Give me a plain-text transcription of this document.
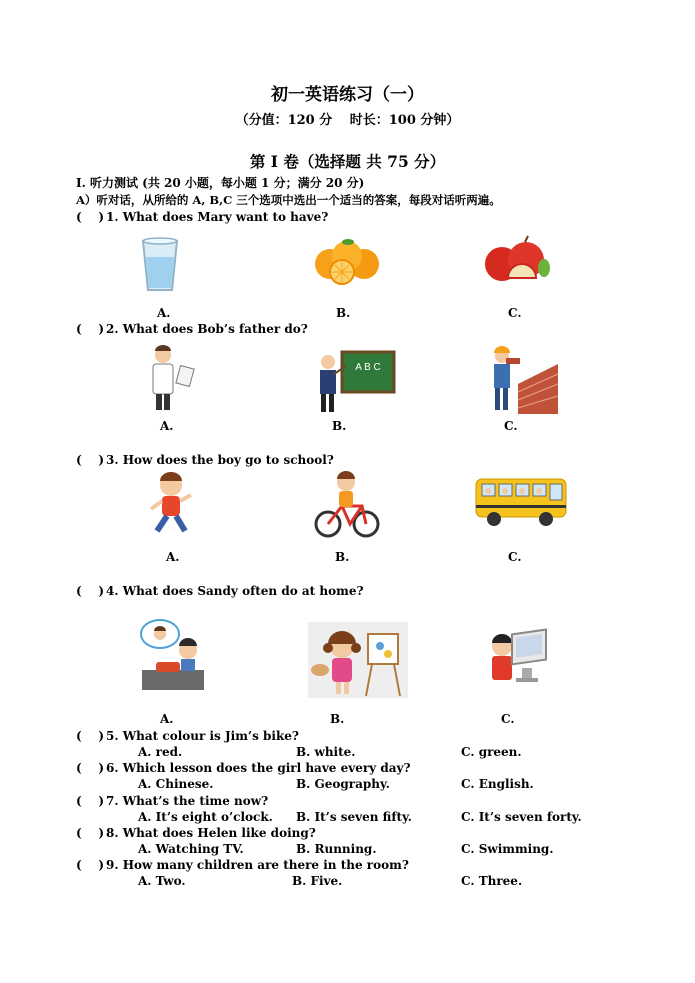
初一英语练习（一）
（分值：120 分　 时长：100 分钟）
第 I 卷（选择题 共 75 分）
I. 听力测试 (共 20 小题，每小题 1 分；满分 20 分)
A）听对话，从所给的 A, B,C 三个选项中选出一个适当的答案，每段对话听两遍。
( ) 1. What does Mary want to have?
A.	B.	C.
( ) 2. What does Bob’s father do?
A B C
A.	B.	C.
( ) 3. How does the boy go to school?
A.	B.	C.
( ) 4. What does Sandy often do at home?
A.	B.	C.
( ) 5. What colour is Jim’s bike?
A. red.	B. white.	C. green.
( ) 6. Which lesson does the girl have every day?
A. Chinese.	B. Geography.	C. English.
( ) 7. What’s the time now?
A. It’s eight o’clock. B. It’s seven fifty.	C. It’s seven forty.
( ) 8. What does Helen like doing?
A. Watching TV.	B. Running.	C. Swimming.
( ) 9. How many children are there in the room?
A. Two.	B. Five.	C. Three.
